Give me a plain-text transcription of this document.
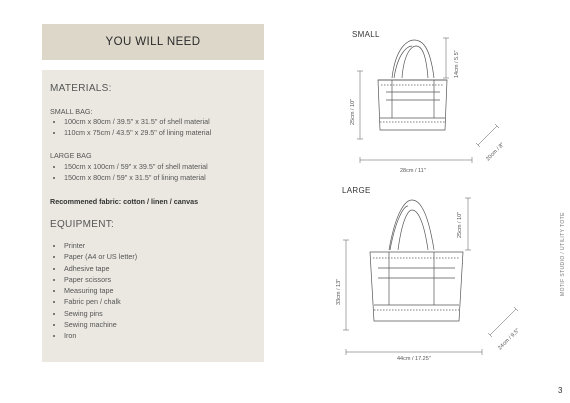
YOU WILL NEED
MATERIALS:
SMALL BAG:
• 100cm x 80cm / 39.5" x 31.5" of shell material
• 110cm x 75cm / 43.5" x 29.5" of lining material
LARGE BAG
• 150cm x 100cm / 59" x 39.5" of shell material
• 150cm x 80cm / 59" x 31.5" of lining material
Recommened fabric: cotton / linen / canvas
EQUIPMENT:
• Printer
• Paper (A4 or US letter)
• Adhesive tape
• Paper scissors
• Measuring tape
• Fabric pen / chalk
• Sewing pins
• Sewing machine
• Iron
SMALL
LARGE
14cm / 5.5"
25cm / 10"
28cm / 11"
20cm / 8"
25cm / 10"
33cm / 13"
44cm / 17.25"
24cm / 9.5"
MOTIF STUDIO / UTILITY TOTE
3
